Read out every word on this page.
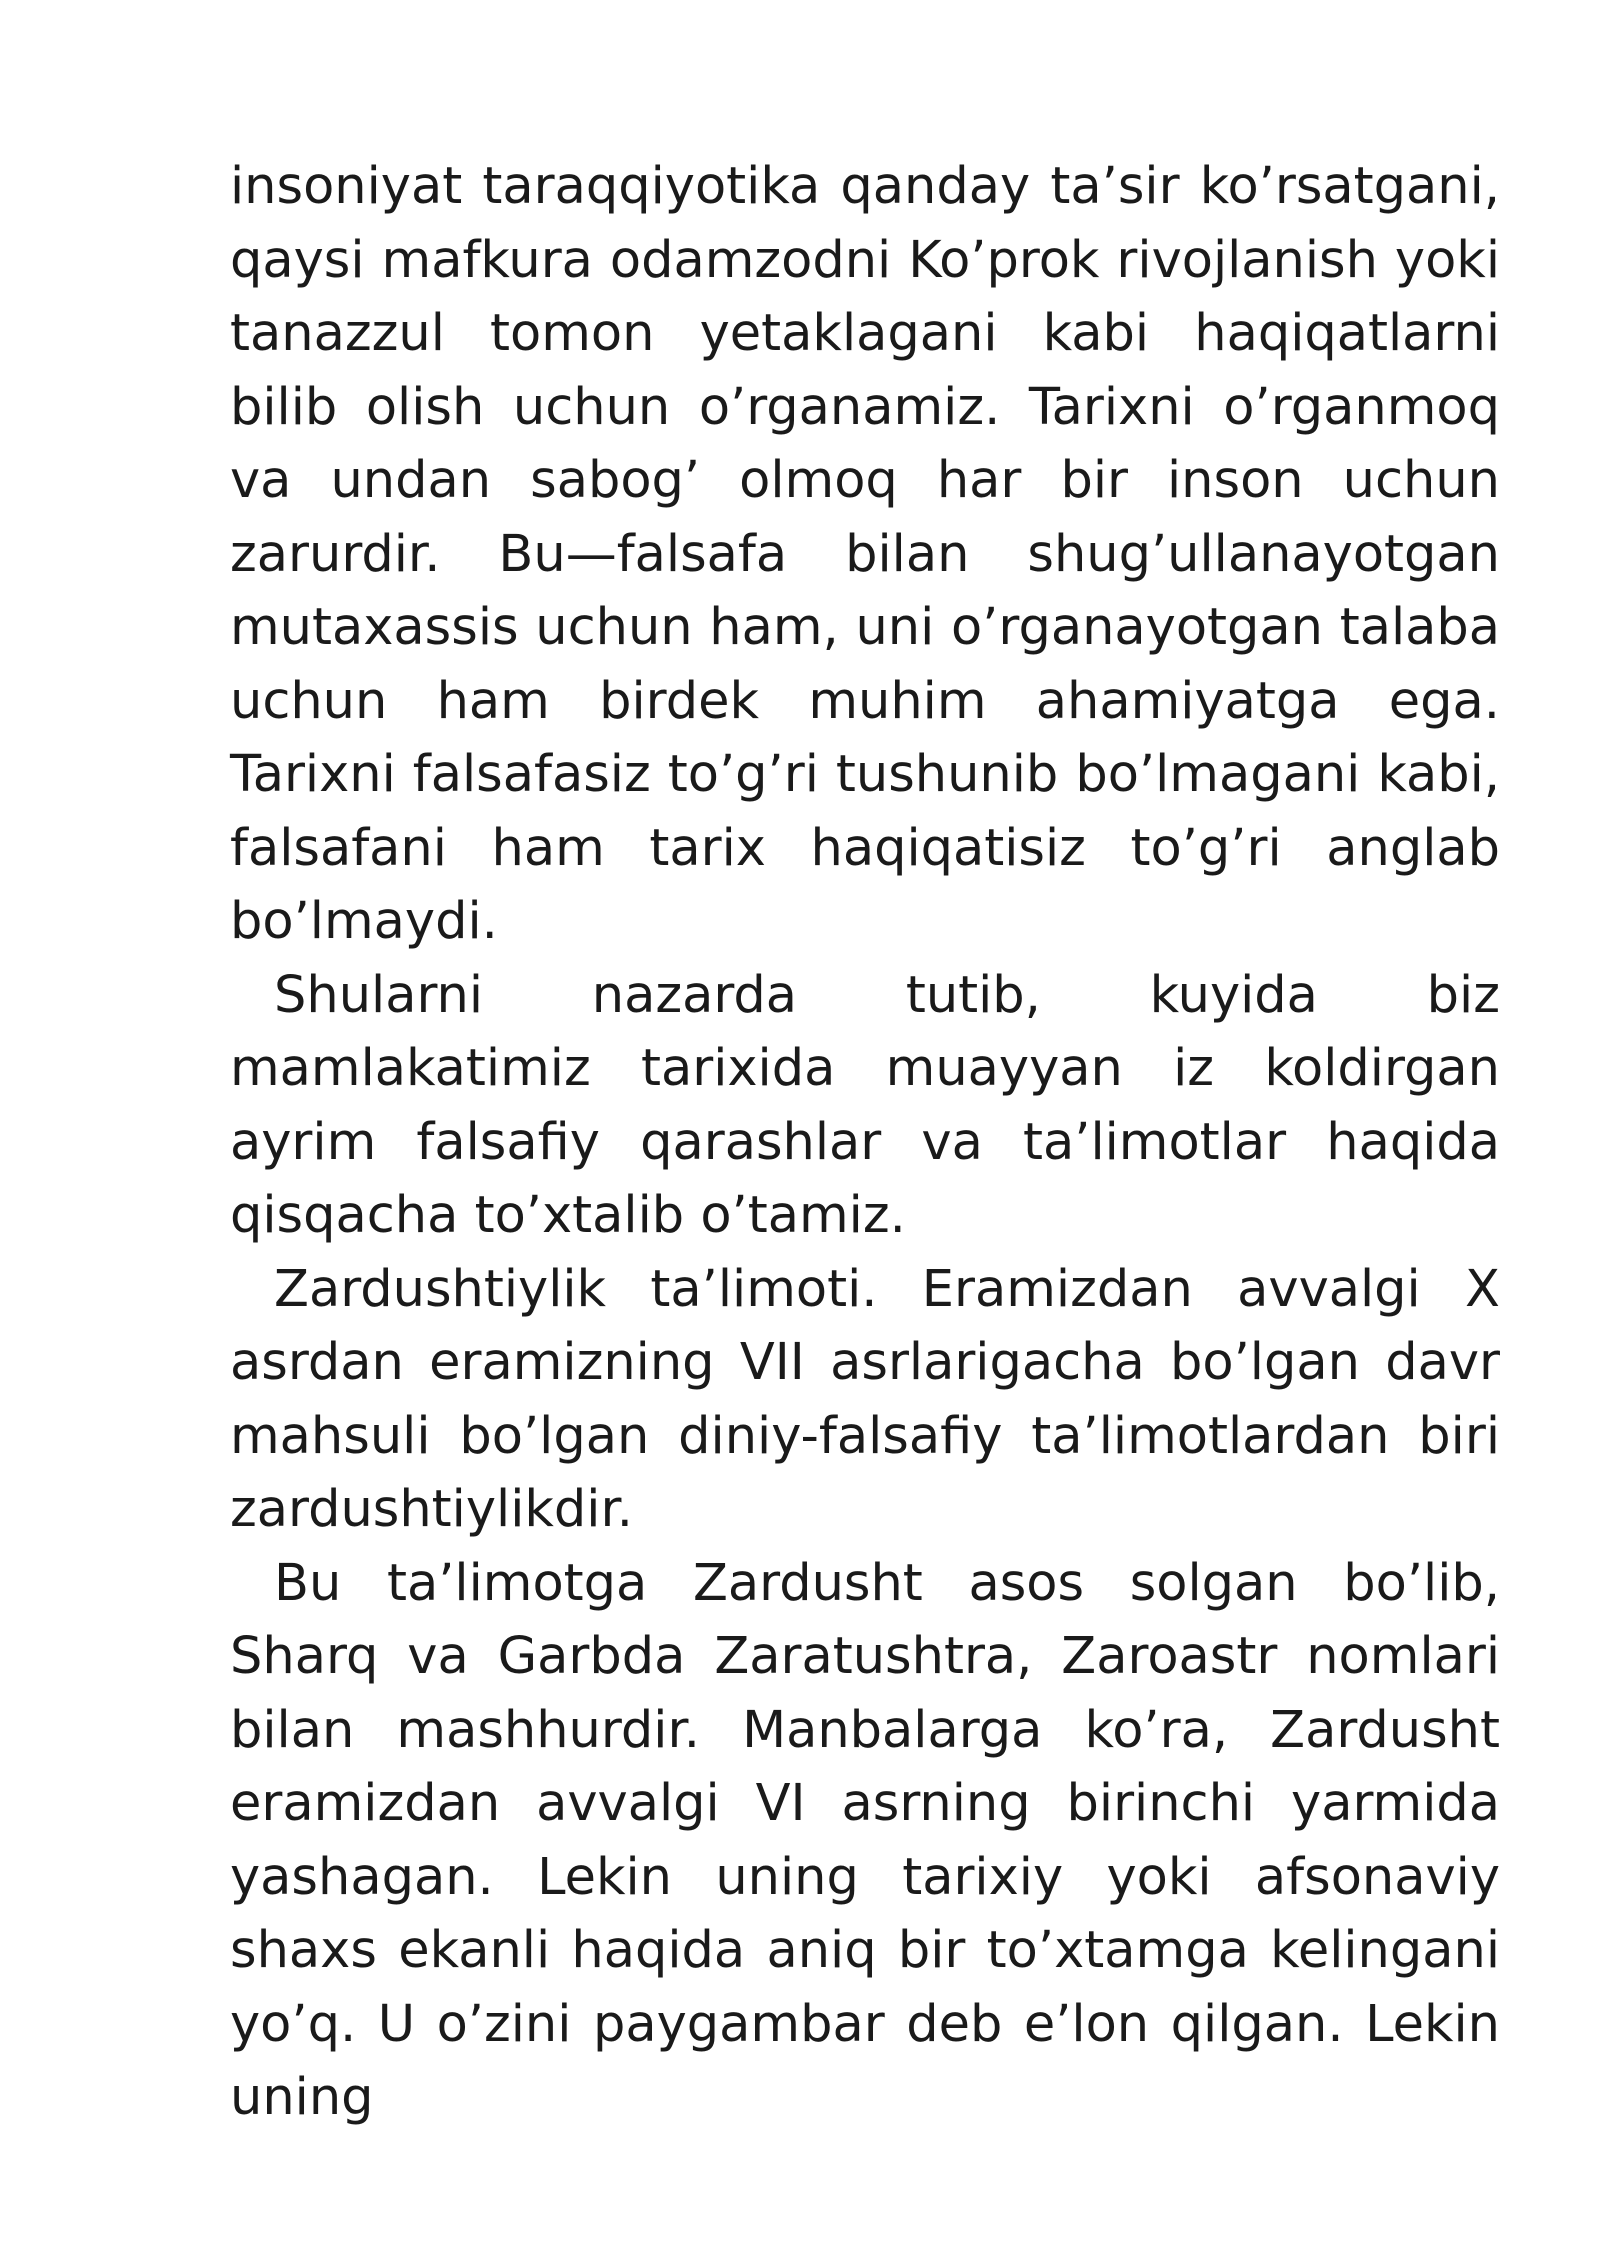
insoniyat taraqqiyotika qanday ta’sir ko’rsatgani, qaysi mafkura odamzodni Ko’prok rivojlanish yoki tanazzul tomon yetaklagani kabi haqiqatlarni bilib olish uchun o’rganamiz. Tarixni o’rganmoq va undan sabog’ olmoq har bir inson uchun zarurdir. Bu—falsafa bilan shug’ullanayotgan mutaxassis uchun ham, uni o’rganayotgan talaba uchun ham birdek muhim ahamiyatga ega. Tarixni falsafasiz to’g’ri tushunib bo’lmagani kabi, falsafani ham tarix haqiqatisiz to’g’ri anglab bo’lmaydi.

Shularni nazarda tutib, kuyida biz mamlakatimiz tarixida muayyan iz koldirgan ayrim falsafiy qarashlar va ta’limotlar haqida qisqacha to’xtalib o’tamiz.

Zardushtiylik ta’limoti. Eramizdan avvalgi X asrdan eramizning VII asrlarigacha bo’lgan davr mahsuli bo’lgan diniy-falsafiy ta’limotlardan biri zardushtiylikdir.

Bu ta’limotga Zardusht asos solgan bo’lib, Sharq va Garbda Zaratushtra, Zaroastr nomlari bilan mashhurdir. Manbalarga ko’ra, Zardusht eramizdan avvalgi VI asrning birinchi yarmida yashagan. Lekin uning tarixiy yoki afsonaviy shaxs ekanli haqida aniq bir to’xtamga kelingani yo’q. U o’zini paygambar deb e’lon qilgan. Lekin uning
